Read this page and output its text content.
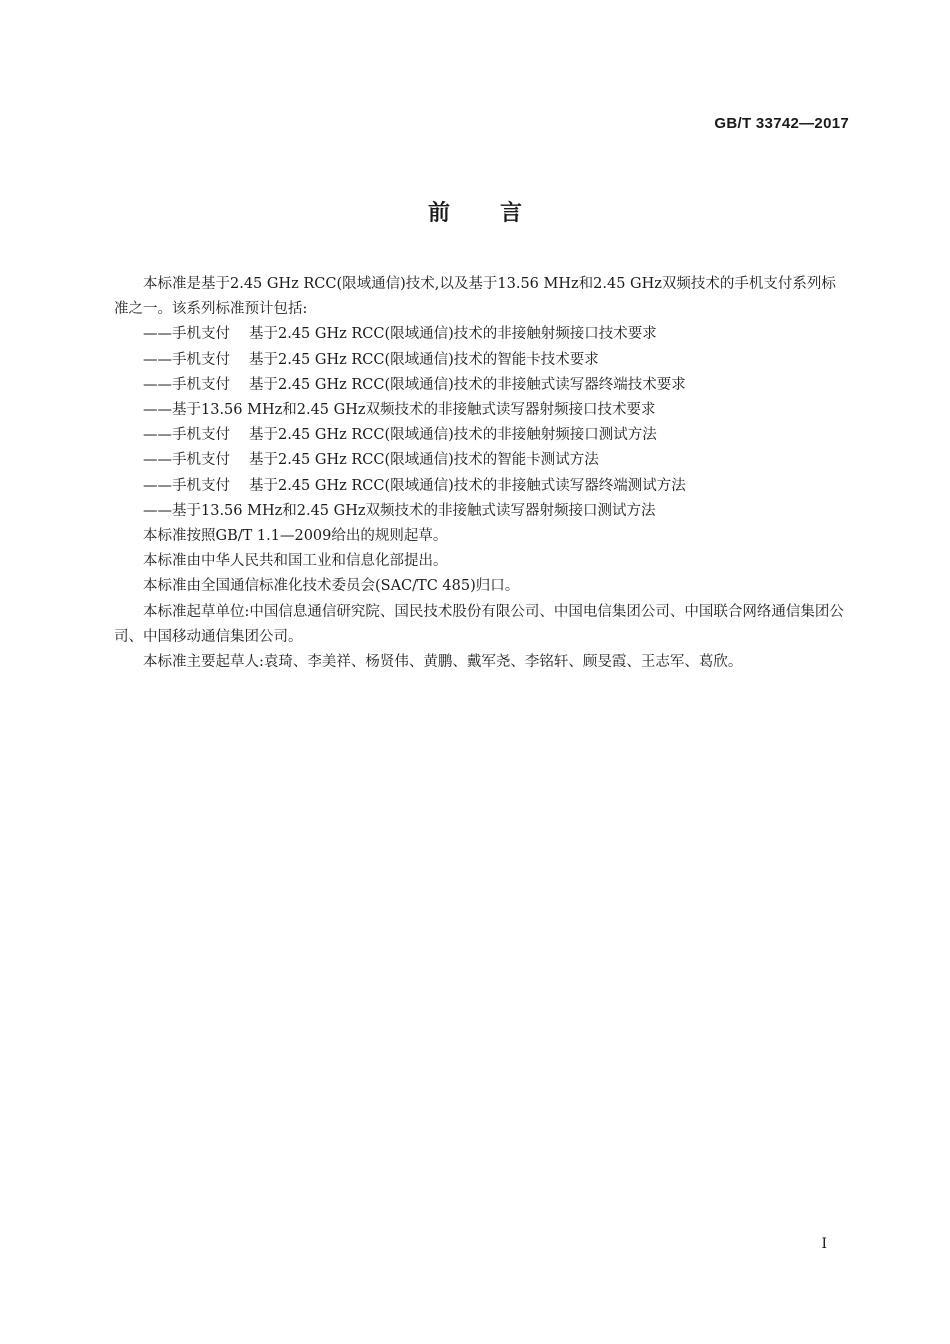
GB/T 33742—2017
前言

本标准是基于2.45 GHz RCC(限域通信)技术,以及基于13.56 MHz和2.45 GHz双频技术的手机支付系列标准之一。该系列标准预计包括:

——手机支付 基于2.45 GHz RCC(限域通信)技术的非接触射频接口技术要求

——手机支付 基于2.45 GHz RCC(限域通信)技术的智能卡技术要求

——手机支付 基于2.45 GHz RCC(限域通信)技术的非接触式读写器终端技术要求

——基于13.56 MHz和2.45 GHz双频技术的非接触式读写器射频接口技术要求

——手机支付 基于2.45 GHz RCC(限域通信)技术的非接触射频接口测试方法

——手机支付 基于2.45 GHz RCC(限域通信)技术的智能卡测试方法

——手机支付 基于2.45 GHz RCC(限域通信)技术的非接触式读写器终端测试方法

——基于13.56 MHz和2.45 GHz双频技术的非接触式读写器射频接口测试方法

本标准按照GB/T 1.1—2009给出的规则起草。

本标准由中华人民共和国工业和信息化部提出。

本标准由全国通信标准化技术委员会(SAC/TC 485)归口。

本标准起草单位:中国信息通信研究院、国民技术股份有限公司、中国电信集团公司、中国联合网络通信集团公司、中国移动通信集团公司。

本标准主要起草人:袁琦、李美祥、杨贤伟、黄鹏、戴军尧、李铭轩、顾旻霞、王志军、葛欣。

I
